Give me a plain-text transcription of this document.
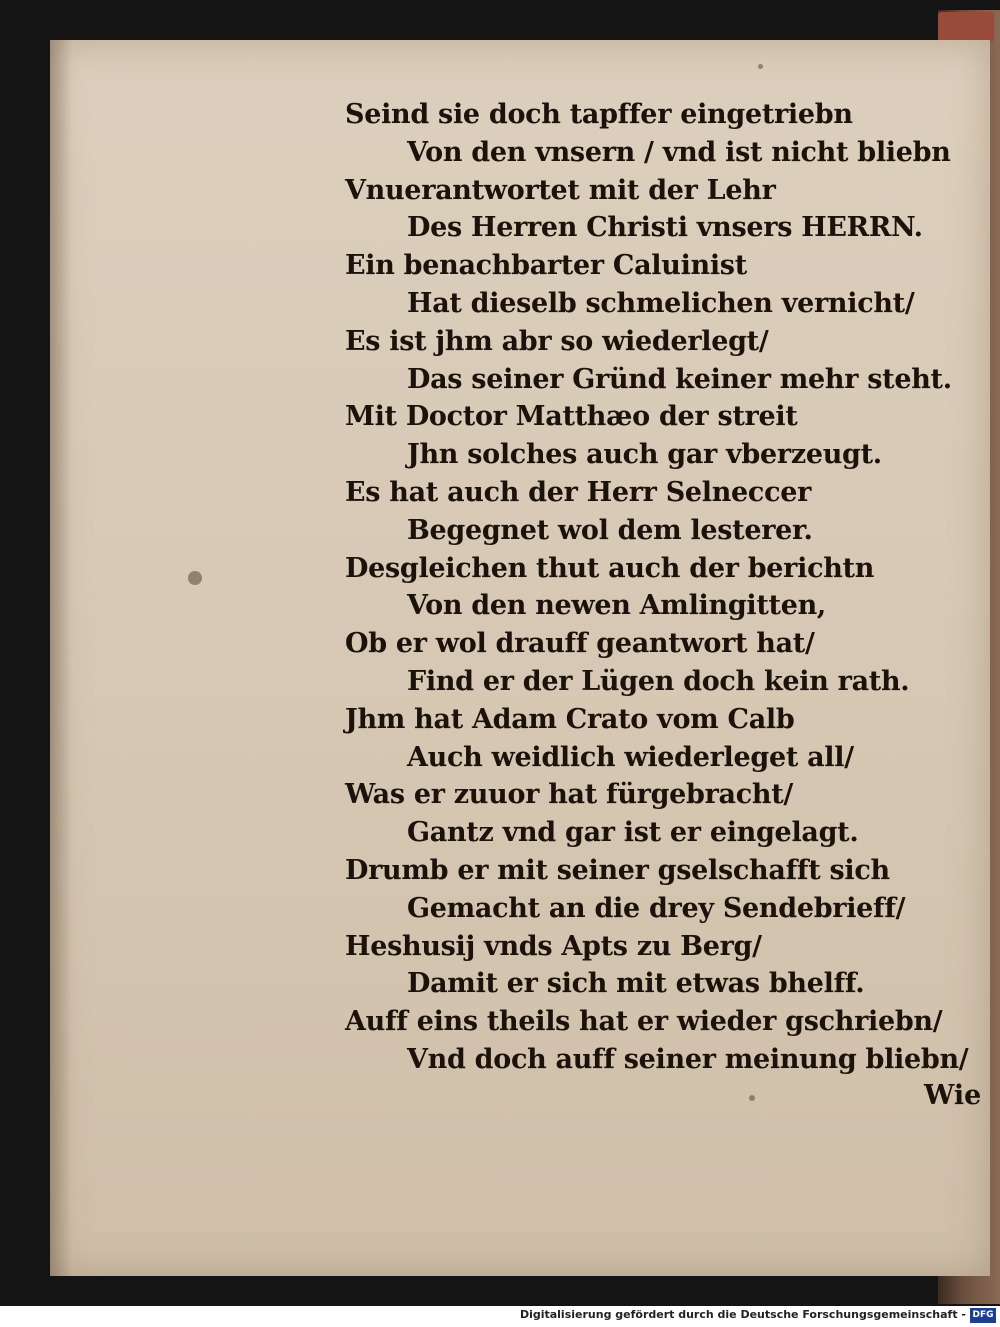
Seind sie doch tapffer eingetriebn
Von den vnsern / vnd ist nicht bliebn
Vnuerantwortet mit der Lehr
Des Herren Christi vnsers HERRN.
Ein benachbarter Caluinist
Hat dieselb schmelichen vernicht/
Es ist jhm abr so wiederlegt/
Das seiner Gründ keiner mehr steht.
Mit Doctor Matthæo der streit
Jhn solches auch gar vberzeugt.
Es hat auch der Herr Selneccer
Begegnet wol dem lesterer.
Desgleichen thut auch der berichtn
Von den newen Amlingitten,
Ob er wol drauff geantwort hat/
Find er der Lügen doch kein rath.
Jhm hat Adam Crato vom Calb
Auch weidlich wiederleget all/
Was er zuuor hat fürgebracht/
Gantz vnd gar ist er eingelagt.
Drumb er mit seiner gselschafft sich
Gemacht an die drey Sendebrieff/
Heshusij vnds Apts zu Berg/
Damit er sich mit etwas bhelff.
Auff eins theils hat er wieder gschriebn/
Vnd doch auff seiner meinung bliebn/
Wie
Digitalisierung gefördert durch die Deutsche Forschungsgemeinschaft - DFG
